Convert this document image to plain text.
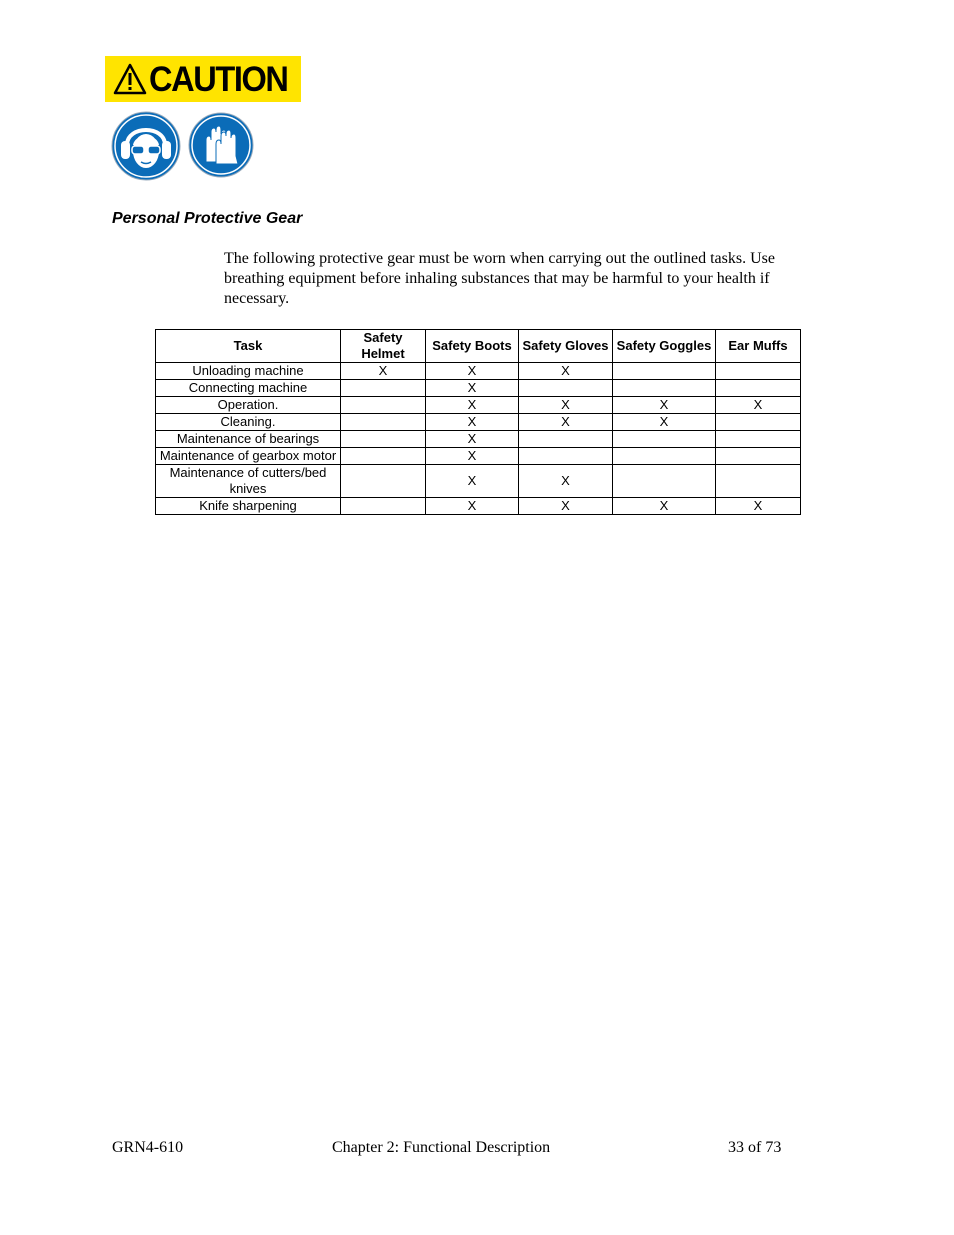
CAUTION
Personal Protective Gear
The following protective gear must be worn when carrying out the outlined tasks. Use breathing equipment before inhaling substances that may be harmful to your health if necessary.
Task	Safety Helmet	Safety Boots	Safety Gloves	Safety Goggles	Ear Muffs
Unloading machine	X	X	X		
Connecting machine		X			
Operation.		X	X	X	X
Cleaning.		X	X	X	
Maintenance of bearings		X			
Maintenance of gearbox motor		X			
Maintenance of cutters/bed knives		X	X		
Knife sharpening		X	X	X	X
GRN4-610	Chapter 2: Functional Description	33 of 73
